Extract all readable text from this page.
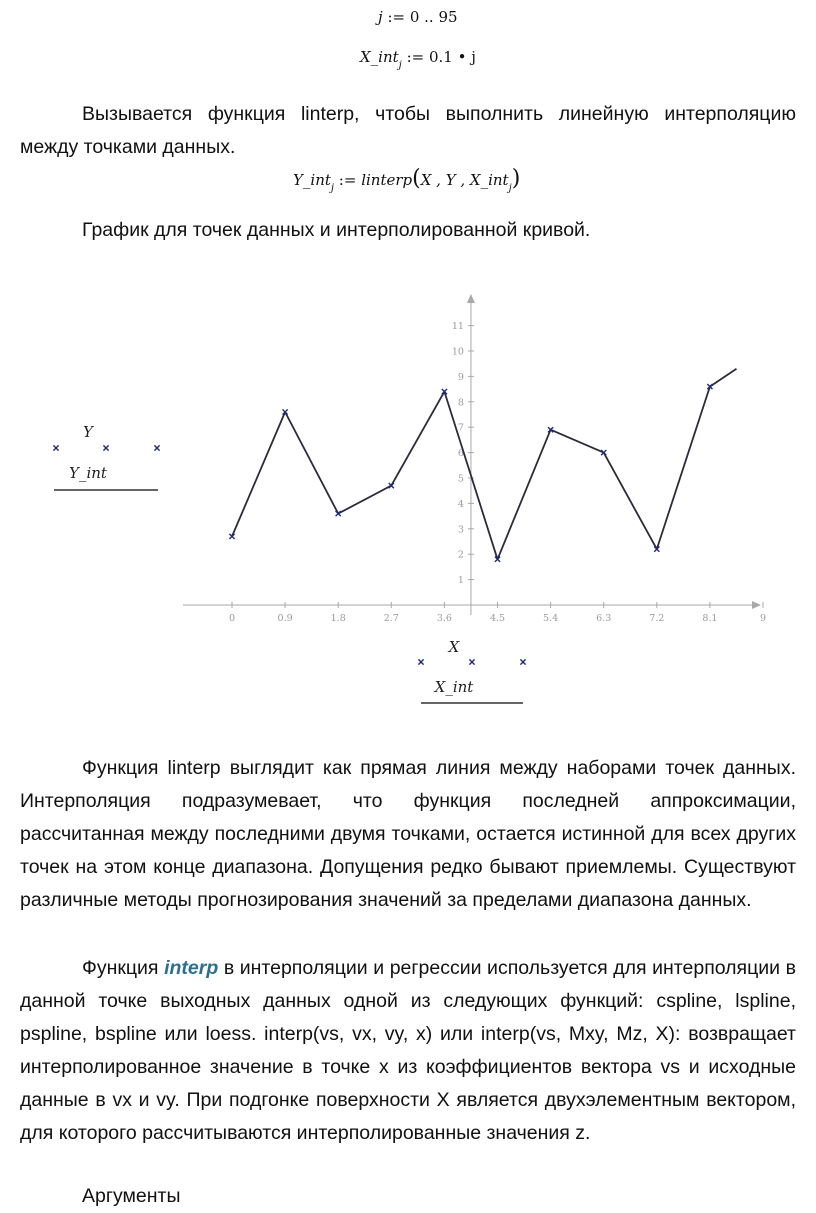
j := 0 .. 95
X_int$_j$ := 0.1 • j
Вызывается функция linterp, чтобы выполнить линейную интерполяцию между точками данных.
Y_int$_j$ := linterp(X , Y , X_int$_j$)
График для точек данных и интерполированной кривой.
0	0.9	1.8	2.7	3.6	4.5	5.4	6.3	7.2	8.1	9
1
2
3
4
5
6
7
8
9
10
11
Y
Y_int
X
X_int
Функция linterp выглядит как прямая линия между наборами точек данных. Интерполяция подразумевает, что функция последней аппроксимации, рассчитанная между последними двумя точками, остается истинной для всех других точек на этом конце диапазона. Допущения редко бывают приемлемы. Существуют различные методы прогнозирования значений за пределами диапазона данных.
Функция interp в интерполяции и регрессии используется для интерполяции в данной точке выходных данных одной из следующих функций: cspline, lspline, pspline, bspline или loess. interp(vs, vx, vy, x) или interp(vs, Mxy, Mz, X): возвращает интерполированное значение в точке x из коэффициентов вектора vs и исходные данные в vx и vy. При подгонке поверхности X является двухэлементным вектором, для которого рассчитываются интерполированные значения z.
Аргументы
